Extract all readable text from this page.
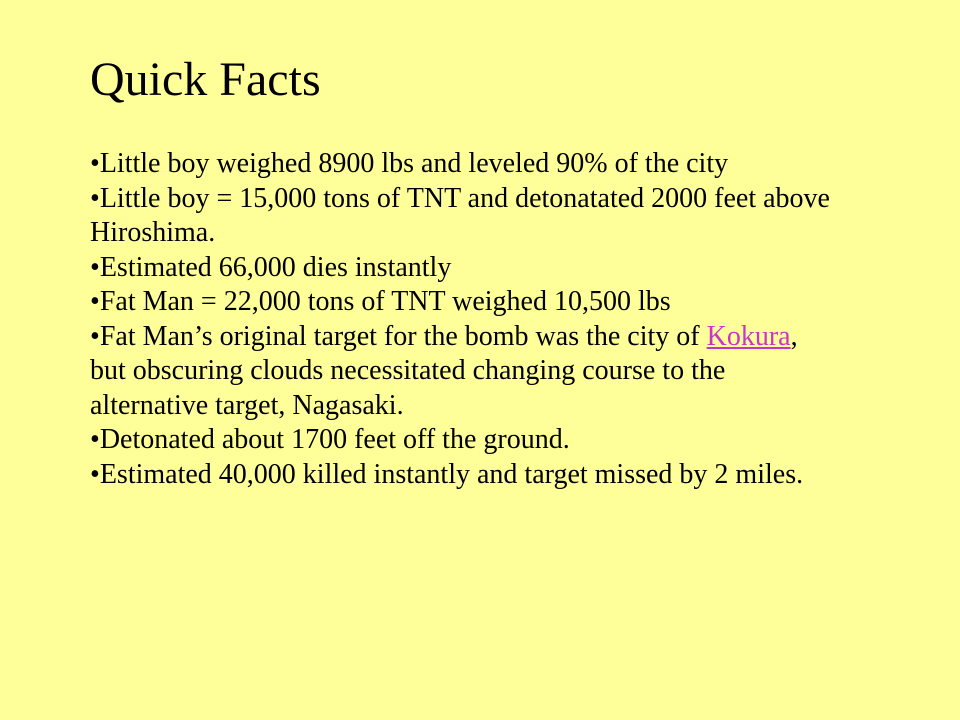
Quick Facts
•Little boy weighed 8900 lbs and leveled 90% of the city
•Little boy = 15,000 tons of TNT and detonatated 2000 feet above Hiroshima.
•Estimated 66,000 dies instantly
•Fat Man = 22,000 tons of TNT weighed 10,500 lbs
•Fat Man’s original target for the bomb was the city of Kokura, but obscuring clouds necessitated changing course to the alternative target, Nagasaki.
•Detonated about 1700 feet off the ground.
•Estimated 40,000 killed instantly and target missed by 2 miles.
